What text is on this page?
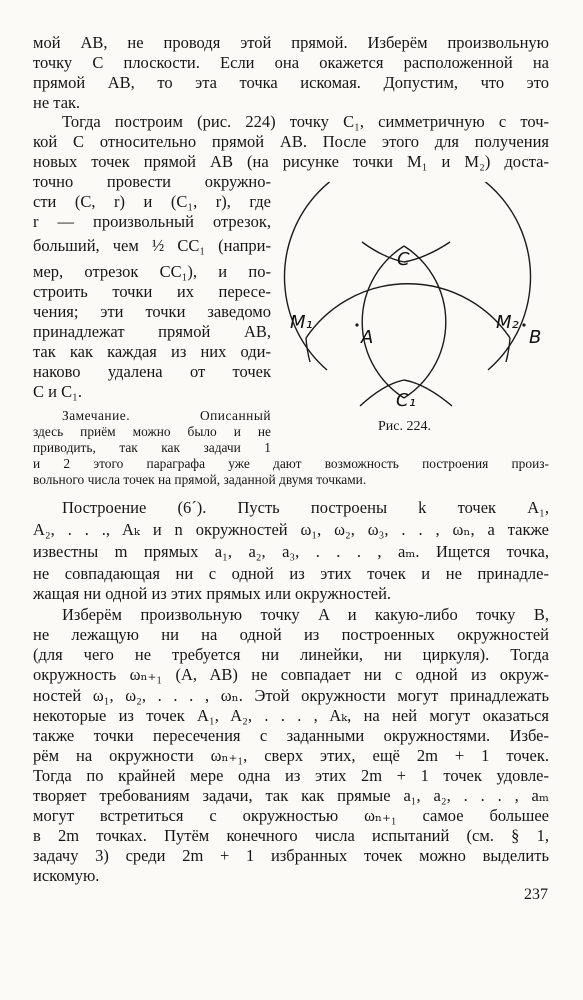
мой AB, не проводя этой прямой. Изберём произвольную
точку C плоскости. Если она окажется расположенной на
прямой AB, то эта точка искомая. Допустим, что это
не так.
Тогда построим (рис. 224) точку C₁, симметричную с точ-
кой C относительно прямой AB. После этого для получения
новых точек прямой AB (на рисунке точки M₁ и M₂) доста-
точно провести окружно-
сти (C, r) и (C₁, r), где
r — произвольный отрезок,
больший, чем ½ CC₁ (напри-
мер, отрезок CC₁), и по-
строить точки их пересе-
чения; эти точки заведомо
принадлежат прямой AB,
так как каждая из них оди-
наково удалена от точек
C и C₁.
Замечание. Описанный
здесь приём можно было и не
приводить, так как задачи 1
и 2 этого параграфа уже дают возможность построения произ-
вольного числа точек на прямой, заданной двумя точками.
Построение (6´). Пусть построены k точек A₁,
A₂, . . ., Aₖ и n окружностей ω₁, ω₂, ω₃, . . , ωₙ, а также
известны m прямых a₁, a₂, a₃, . . . , aₘ. Ищется точка,
не совпадающая ни с одной из этих точек и не принадле-
жащая ни одной из этих прямых или окружностей.
Изберём произвольную точку A и какую-либо точку B,
не лежащую ни на одной из построенных окружностей
(для чего не требуется ни линейки, ни циркуля). Тогда
окружность ωₙ₊₁ (A, AB) не совпадает ни с одной из окруж-
ностей ω₁, ω₂, . . . , ωₙ. Этой окружности могут принадлежать
некоторые из точек A₁, A₂, . . . , Aₖ, на ней могут оказаться
также точки пересечения с заданными окружностями. Избе-
рём на окружности ωₙ₊₁, сверх этих, ещё 2m + 1 точек.
Тогда по крайней мере одна из этих 2m + 1 точек удовле-
творяет требованиям задачи, так как прямые a₁, a₂, . . . , aₘ
могут встретиться с окружностью ωₙ₊₁ самое большее
в 2m точках. Путём конечного числа испытаний (см. § 1,
задачу 3) среди 2m + 1 избранных точек можно выделить
искомую.
C
C₁
M₁	M₂
A	B
Рис. 224.
237
